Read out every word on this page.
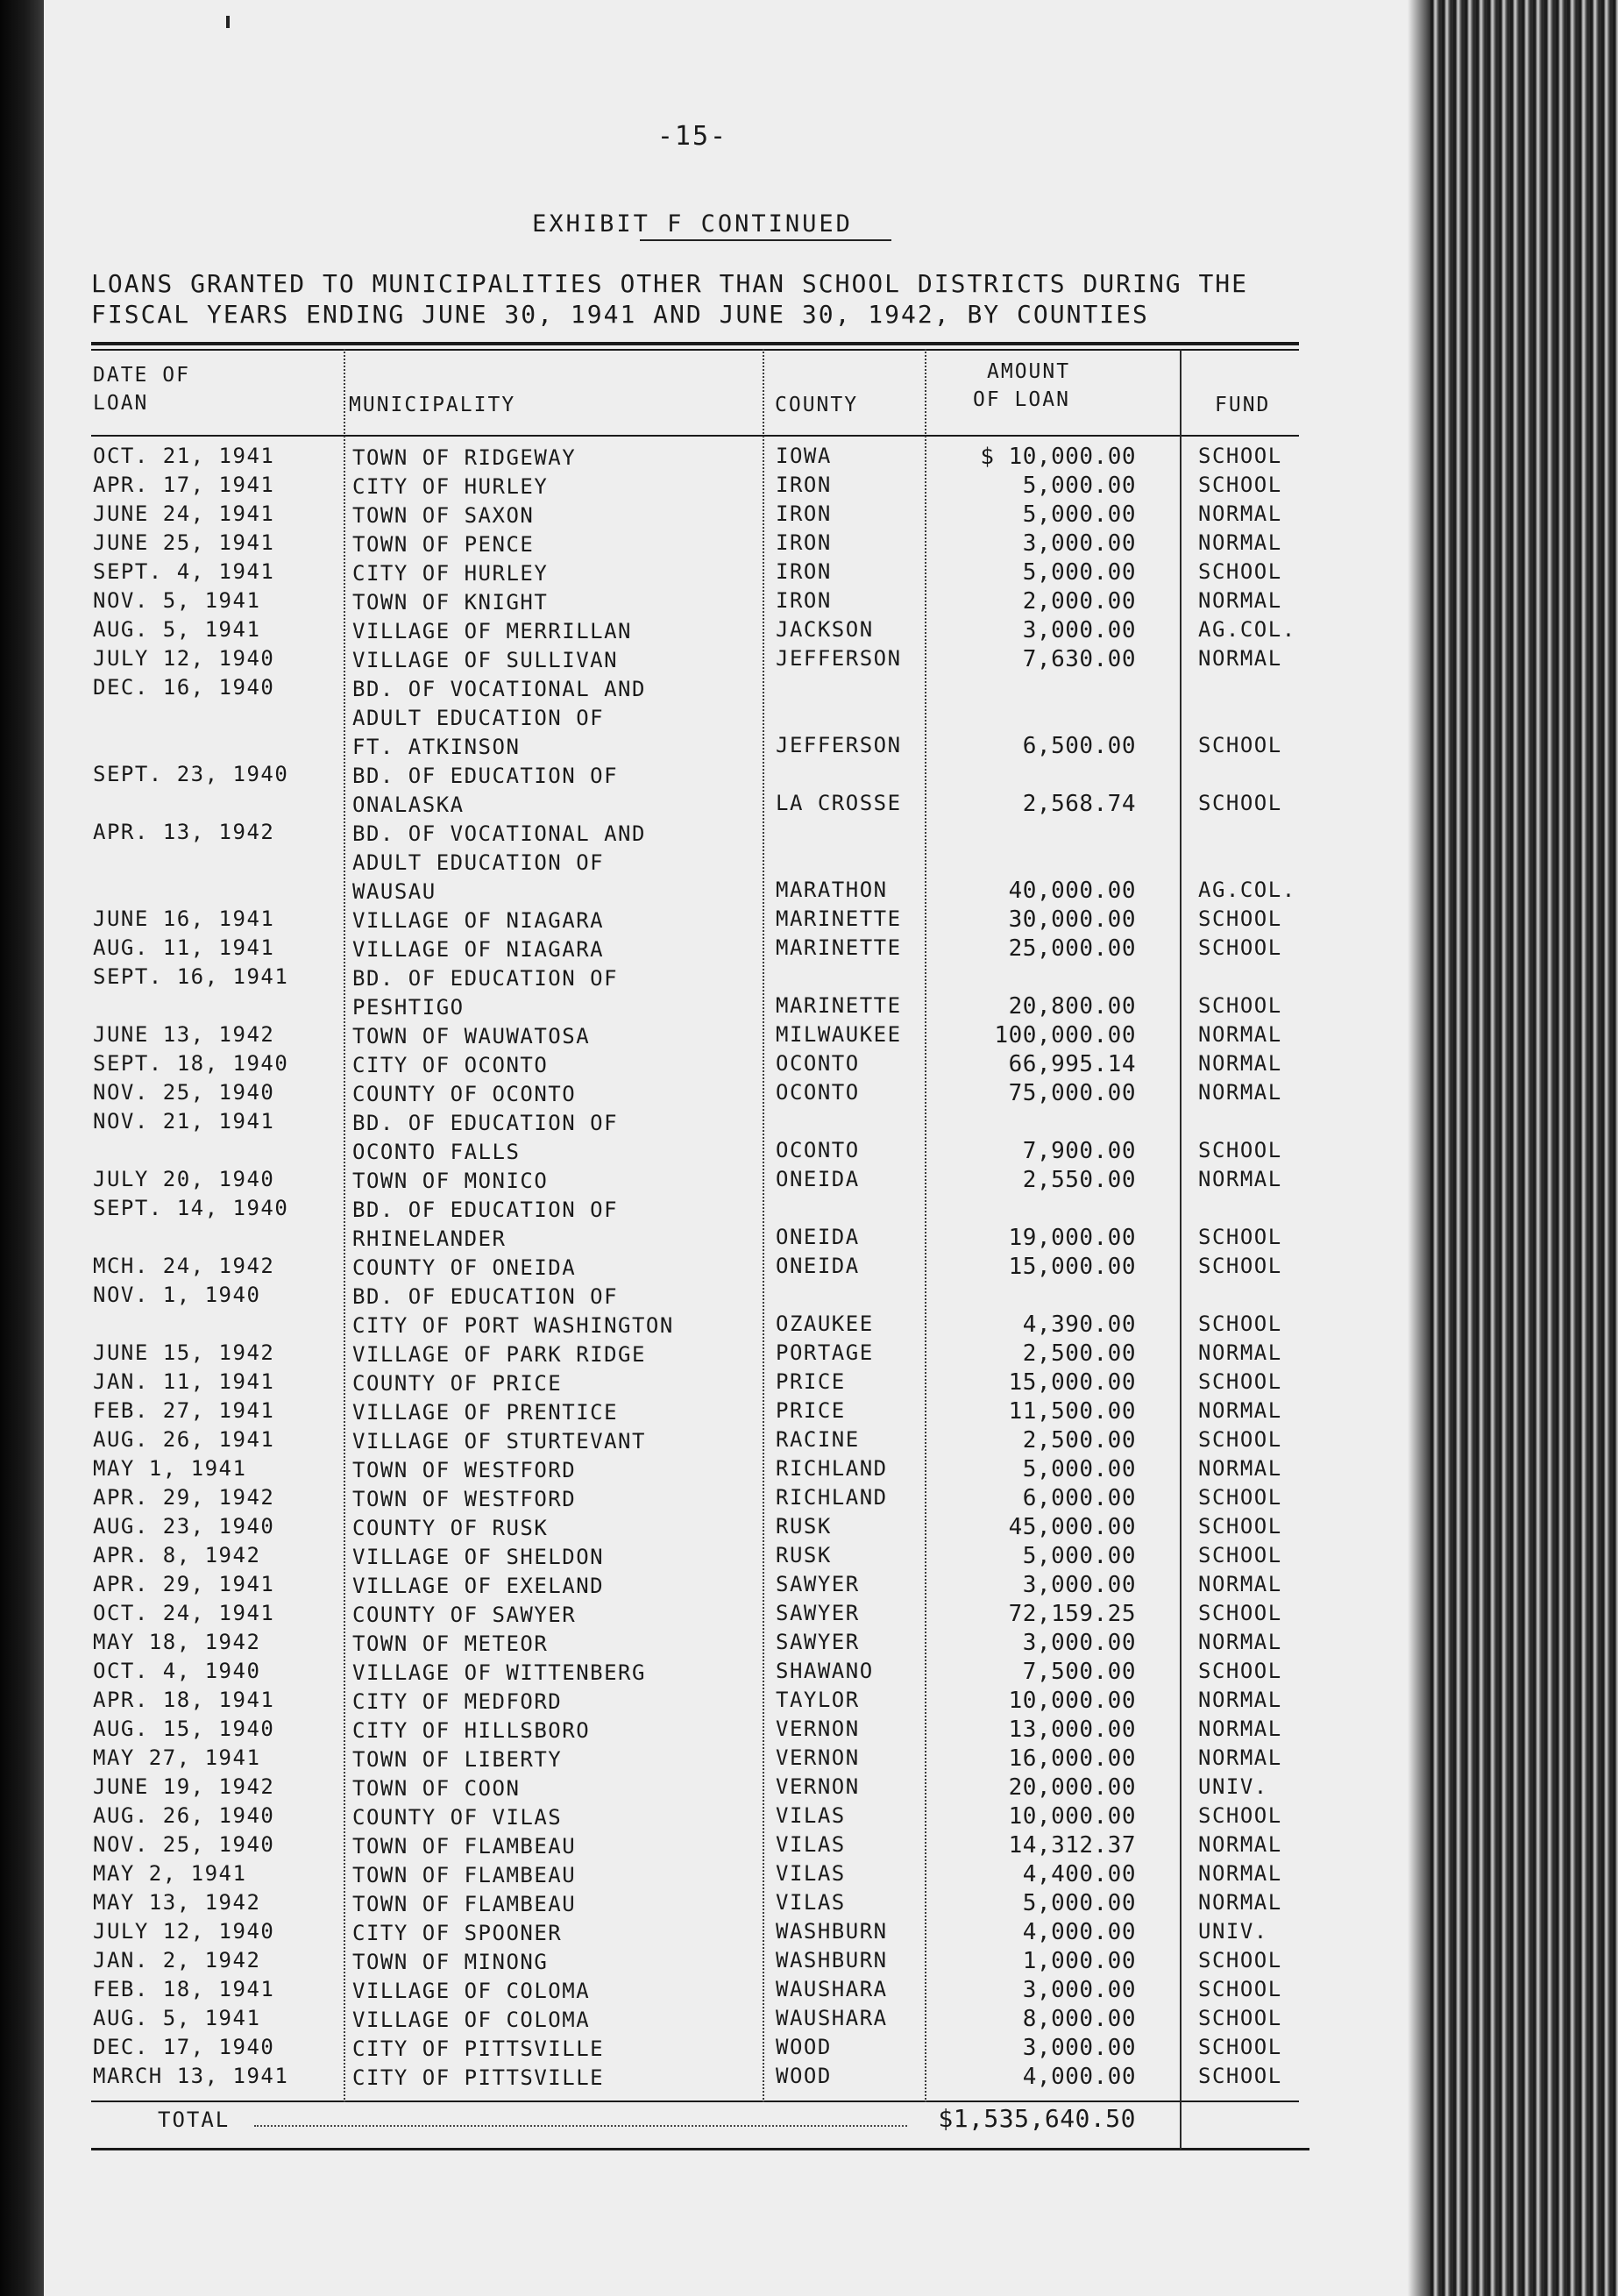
-15-
EXHIBIT F CONTINUED
LOANS GRANTED TO MUNICIPALITIES OTHER THAN SCHOOL DISTRICTS DURING THE
FISCAL YEARS ENDING JUNE 30, 1941 AND JUNE 30, 1942, BY COUNTIES
DATE OF
LOAN	MUNICIPALITY	COUNTY
AMOUNT
OF LOAN	FUND
OCT. 21, 1941	TOWN OF RIDGEWAY	IOWA	$ 10,000.00	SCHOOL
APR. 17, 1941	CITY OF HURLEY	IRON	5,000.00	SCHOOL
JUNE 24, 1941	TOWN OF SAXON	IRON	5,000.00	NORMAL
JUNE 25, 1941	TOWN OF PENCE	IRON	3,000.00	NORMAL
SEPT. 4, 1941	CITY OF HURLEY	IRON	5,000.00	SCHOOL
NOV. 5, 1941	TOWN OF KNIGHT	IRON	2,000.00	NORMAL
AUG. 5, 1941	VILLAGE OF MERRILLAN	JACKSON	3,000.00	AG.COL.
JULY 12, 1940	VILLAGE OF SULLIVAN	JEFFERSON	7,630.00	NORMAL
DEC. 16, 1940	BD. OF VOCATIONAL AND
ADULT EDUCATION OF
FT. ATKINSON	JEFFERSON	6,500.00	SCHOOL
SEPT. 23, 1940	BD. OF EDUCATION OF
ONALASKA	LA CROSSE	2,568.74	SCHOOL
APR. 13, 1942	BD. OF VOCATIONAL AND
ADULT EDUCATION OF
WAUSAU	MARATHON	40,000.00	AG.COL.
JUNE 16, 1941	VILLAGE OF NIAGARA	MARINETTE	30,000.00	SCHOOL
AUG. 11, 1941	VILLAGE OF NIAGARA	MARINETTE	25,000.00	SCHOOL
SEPT. 16, 1941	BD. OF EDUCATION OF
PESHTIGO	MARINETTE	20,800.00	SCHOOL
JUNE 13, 1942	TOWN OF WAUWATOSA	MILWAUKEE	100,000.00	NORMAL
SEPT. 18, 1940	CITY OF OCONTO	OCONTO	66,995.14	NORMAL
NOV. 25, 1940	COUNTY OF OCONTO	OCONTO	75,000.00	NORMAL
NOV. 21, 1941	BD. OF EDUCATION OF
OCONTO FALLS	OCONTO	7,900.00	SCHOOL
JULY 20, 1940	TOWN OF MONICO	ONEIDA	2,550.00	NORMAL
SEPT. 14, 1940	BD. OF EDUCATION OF
RHINELANDER	ONEIDA	19,000.00	SCHOOL
MCH. 24, 1942	COUNTY OF ONEIDA	ONEIDA	15,000.00	SCHOOL
NOV. 1, 1940	BD. OF EDUCATION OF
CITY OF PORT WASHINGTON	OZAUKEE	4,390.00	SCHOOL
JUNE 15, 1942	VILLAGE OF PARK RIDGE	PORTAGE	2,500.00	NORMAL
JAN. 11, 1941	COUNTY OF PRICE	PRICE	15,000.00	SCHOOL
FEB. 27, 1941	VILLAGE OF PRENTICE	PRICE	11,500.00	NORMAL
AUG. 26, 1941	VILLAGE OF STURTEVANT	RACINE	2,500.00	SCHOOL
MAY 1, 1941	TOWN OF WESTFORD	RICHLAND	5,000.00	NORMAL
APR. 29, 1942	TOWN OF WESTFORD	RICHLAND	6,000.00	SCHOOL
AUG. 23, 1940	COUNTY OF RUSK	RUSK	45,000.00	SCHOOL
APR. 8, 1942	VILLAGE OF SHELDON	RUSK	5,000.00	SCHOOL
APR. 29, 1941	VILLAGE OF EXELAND	SAWYER	3,000.00	NORMAL
OCT. 24, 1941	COUNTY OF SAWYER	SAWYER	72,159.25	SCHOOL
MAY 18, 1942	TOWN OF METEOR	SAWYER	3,000.00	NORMAL
OCT. 4, 1940	VILLAGE OF WITTENBERG	SHAWANO	7,500.00	SCHOOL
APR. 18, 1941	CITY OF MEDFORD	TAYLOR	10,000.00	NORMAL
AUG. 15, 1940	CITY OF HILLSBORO	VERNON	13,000.00	NORMAL
MAY 27, 1941	TOWN OF LIBERTY	VERNON	16,000.00	NORMAL
JUNE 19, 1942	TOWN OF COON	VERNON	20,000.00	UNIV.
AUG. 26, 1940	COUNTY OF VILAS	VILAS	10,000.00	SCHOOL
NOV. 25, 1940	TOWN OF FLAMBEAU	VILAS	14,312.37	NORMAL
MAY 2, 1941	TOWN OF FLAMBEAU	VILAS	4,400.00	NORMAL
MAY 13, 1942	TOWN OF FLAMBEAU	VILAS	5,000.00	NORMAL
JULY 12, 1940	CITY OF SPOONER	WASHBURN	4,000.00	UNIV.
JAN. 2, 1942	TOWN OF MINONG	WASHBURN	1,000.00	SCHOOL
FEB. 18, 1941	VILLAGE OF COLOMA	WAUSHARA	3,000.00	SCHOOL
AUG. 5, 1941	VILLAGE OF COLOMA	WAUSHARA	8,000.00	SCHOOL
DEC. 17, 1940	CITY OF PITTSVILLE	WOOD	3,000.00	SCHOOL
MARCH 13, 1941	CITY OF PITTSVILLE	WOOD	4,000.00	SCHOOL
TOTAL	$1,535,640.50
